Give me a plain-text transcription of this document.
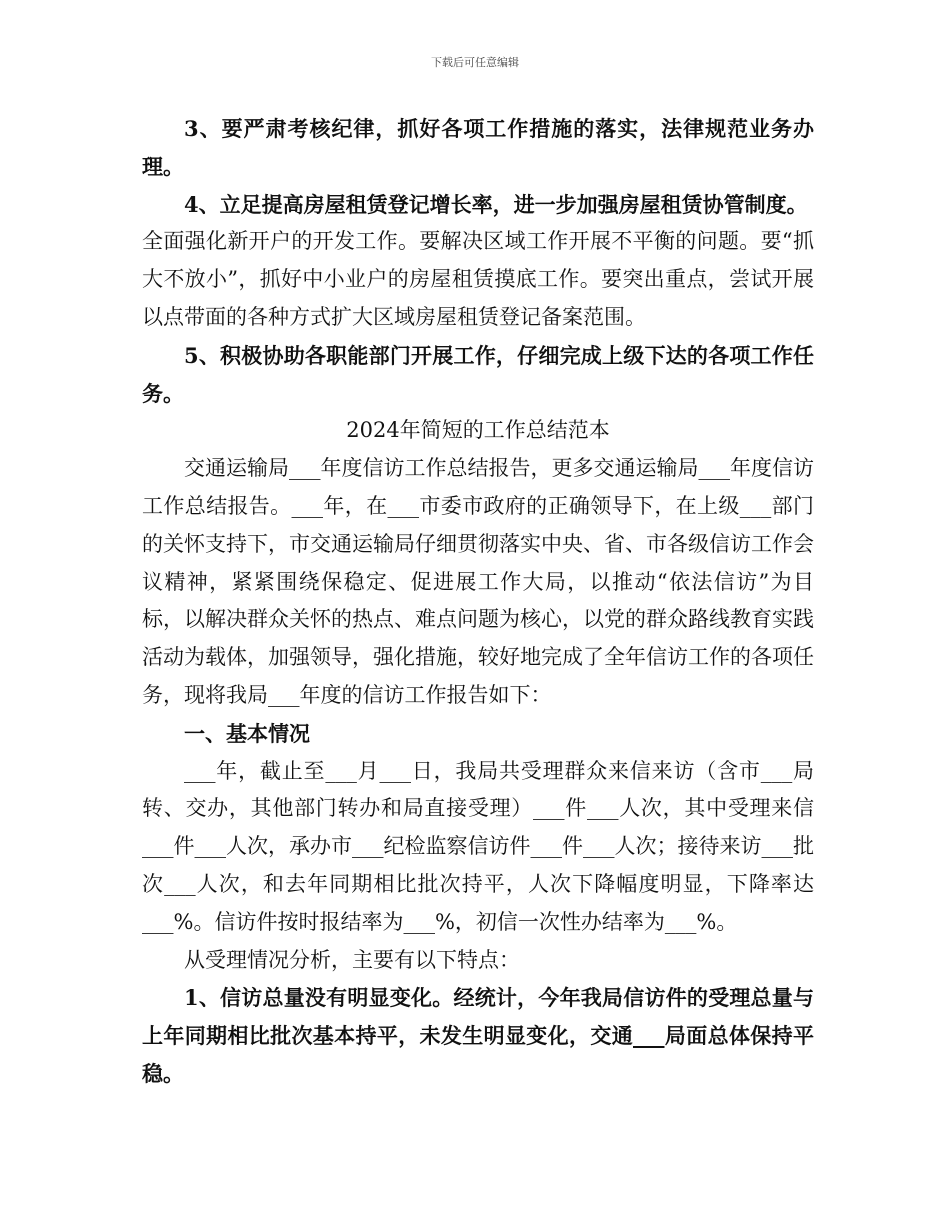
下载后可任意编辑

3、要严肃考核纪律，抓好各项工作措施的落实，法律规范业务办理。

4、立足提高房屋租赁登记增长率，进一步加强房屋租赁协管制度。

全面强化新开户的开发工作。要解决区域工作开展不平衡的问题。要“抓大不放小”，抓好中小业户的房屋租赁摸底工作。要突出重点，尝试开展以点带面的各种方式扩大区域房屋租赁登记备案范围。

5、积极协助各职能部门开展工作，仔细完成上级下达的各项工作任务。

2024年简短的工作总结范本

交通运输局___年度信访工作总结报告，更多交通运输局___年度信访工作总结报告。___年，在___市委市政府的正确领导下，在上级___部门的关怀支持下，市交通运输局仔细贯彻落实中央、省、市各级信访工作会议精神，紧紧围绕保稳定、促进展工作大局，以推动“依法信访”为目标，以解决群众关怀的热点、难点问题为核心，以党的群众路线教育实践活动为载体，加强领导，强化措施，较好地完成了全年信访工作的各项任务，现将我局___年度的信访工作报告如下：

一、基本情况

___年，截止至___月___日，我局共受理群众来信来访（含市___局转、交办，其他部门转办和局直接受理）___件___人次，其中受理来信___件___人次，承办市___纪检监察信访件___件___人次；接待来访___批次___人次，和去年同期相比批次持平，人次下降幅度明显，下降率达___%。信访件按时报结率为___%，初信一次性办结率为___%。

从受理情况分析，主要有以下特点：

1、信访总量没有明显变化。经统计，今年我局信访件的受理总量与上年同期相比批次基本持平，未发生明显变化，交通___局面总体保持平稳。
